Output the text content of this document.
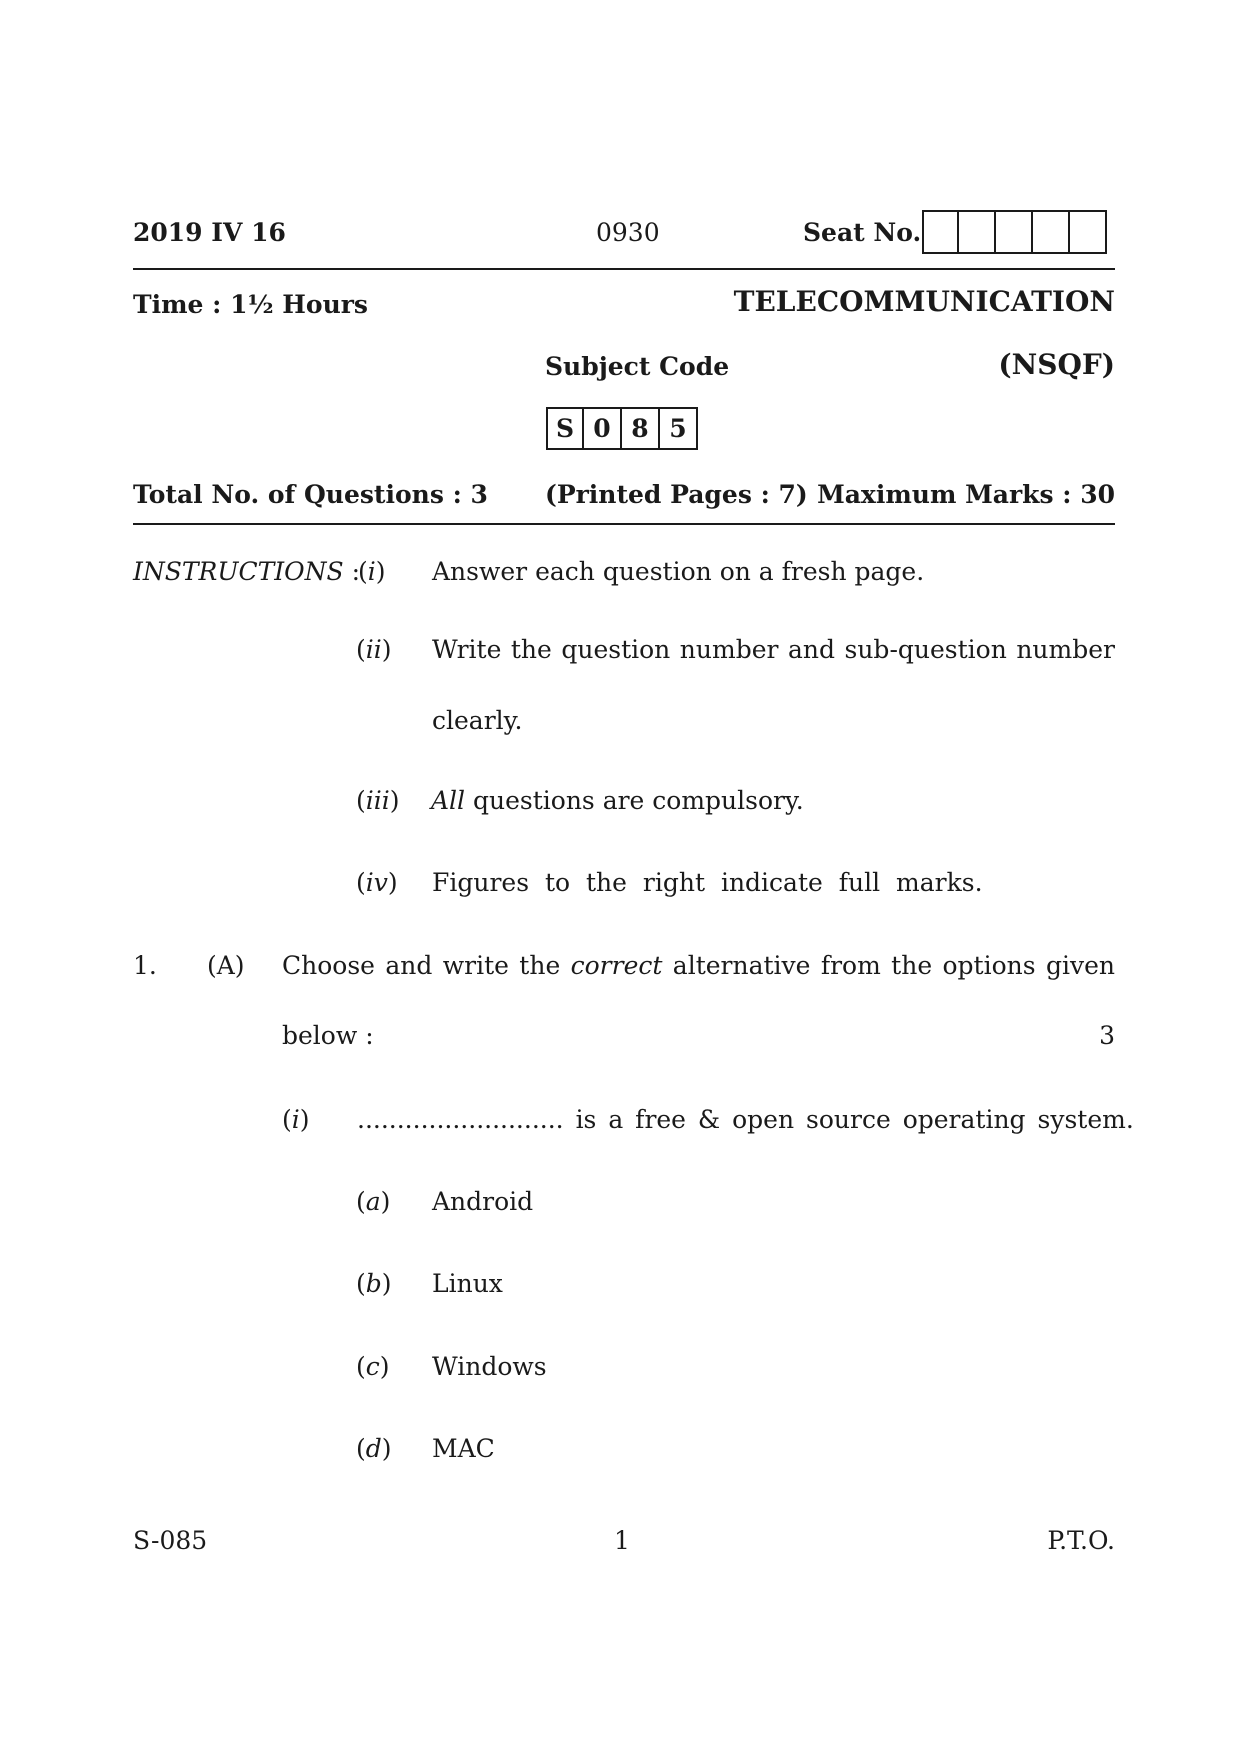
2019 IV 16	0930	Seat No.
Time : 1½ Hours	TELECOMMUNICATION
Subject Code	(NSQF)
S 0 8 5
Total No. of Questions : 3 (Printed Pages : 7) Maximum Marks : 30
INSTRUCTIONS :
(i) Answer each question on a fresh page.
(ii) Write the question number and sub-question number
clearly.
(iii) All questions are compulsory.
(iv) Figures to the right indicate full marks.
1. (A) Choose and write the correct alternative from the options given
below :	3
(i) .......................... is a free & open source operating system.
(a) Android
(b) Linux
(c) Windows
(d) MAC
S-085	1	P.T.O.
